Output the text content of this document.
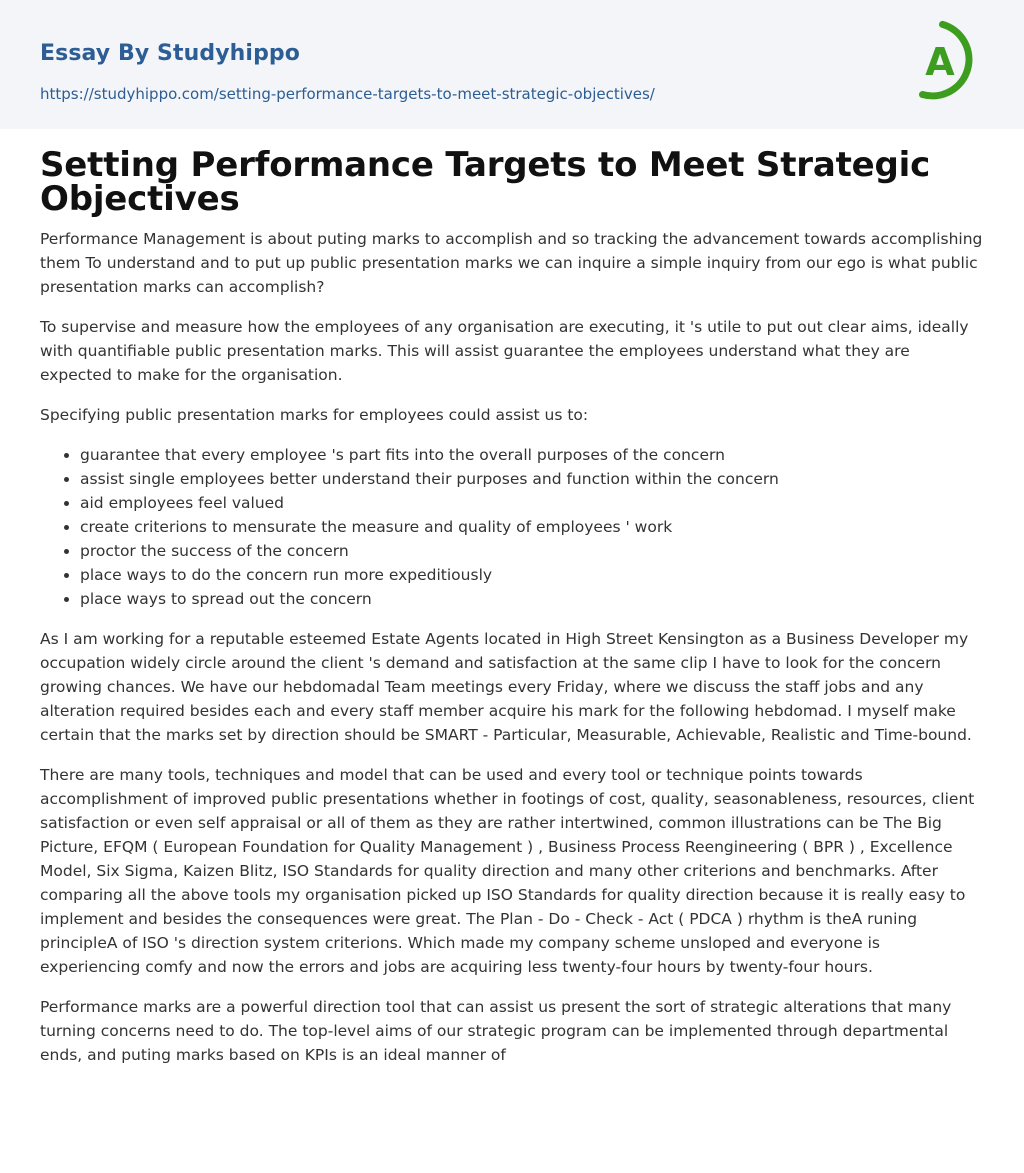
Essay By Studyhippo
https://studyhippo.com/setting-performance-targets-to-meet-strategic-objectives/
A
Setting Performance Targets to Meet Strategic Objectives

Performance Management is about puting marks to accomplish and so tracking the advancement towards accomplishing them To understand and to put up public presentation marks we can inquire a simple inquiry from our ego is what public presentation marks can accomplish?

To supervise and measure how the employees of any organisation are executing, it 's utile to put out clear aims, ideally with quantifiable public presentation marks. This will assist guarantee the employees understand what they are expected to make for the organisation.

Specifying public presentation marks for employees could assist us to:

• guarantee that every employee 's part fits into the overall purposes of the concern
• assist single employees better understand their purposes and function within the concern
• aid employees feel valued
• create criterions to mensurate the measure and quality of employees ' work
• proctor the success of the concern
• place ways to do the concern run more expeditiously
• place ways to spread out the concern

As I am working for a reputable esteemed Estate Agents located in High Street Kensington as a Business Developer my occupation widely circle around the client 's demand and satisfaction at the same clip I have to look for the concern growing chances. We have our hebdomadal Team meetings every Friday, where we discuss the staff jobs and any alteration required besides each and every staff member acquire his mark for the following hebdomad. I myself make certain that the marks set by direction should be SMART - Particular, Measurable, Achievable, Realistic and Time-bound.

There are many tools, techniques and model that can be used and every tool or technique points towards accomplishment of improved public presentations whether in footings of cost, quality, seasonableness, resources, client satisfaction or even self appraisal or all of them as they are rather intertwined, common illustrations can be The Big Picture, EFQM ( European Foundation for Quality Management ) , Business Process Reengineering ( BPR ) , Excellence Model, Six Sigma, Kaizen Blitz, ISO Standards for quality direction and many other criterions and benchmarks. After comparing all the above tools my organisation picked up ISO Standards for quality direction because it is really easy to implement and besides the consequences were great. The Plan - Do - Check - Act ( PDCA ) rhythm is theA runing principleA of ISO 's direction system criterions. Which made my company scheme unsloped and everyone is experiencing comfy and now the errors and jobs are acquiring less twenty-four hours by twenty-four hours.

Performance marks are a powerful direction tool that can assist us present the sort of strategic alterations that many turning concerns need to do. The top-level aims of our strategic program can be implemented through departmental ends, and puting marks based on KPIs is an ideal manner of
